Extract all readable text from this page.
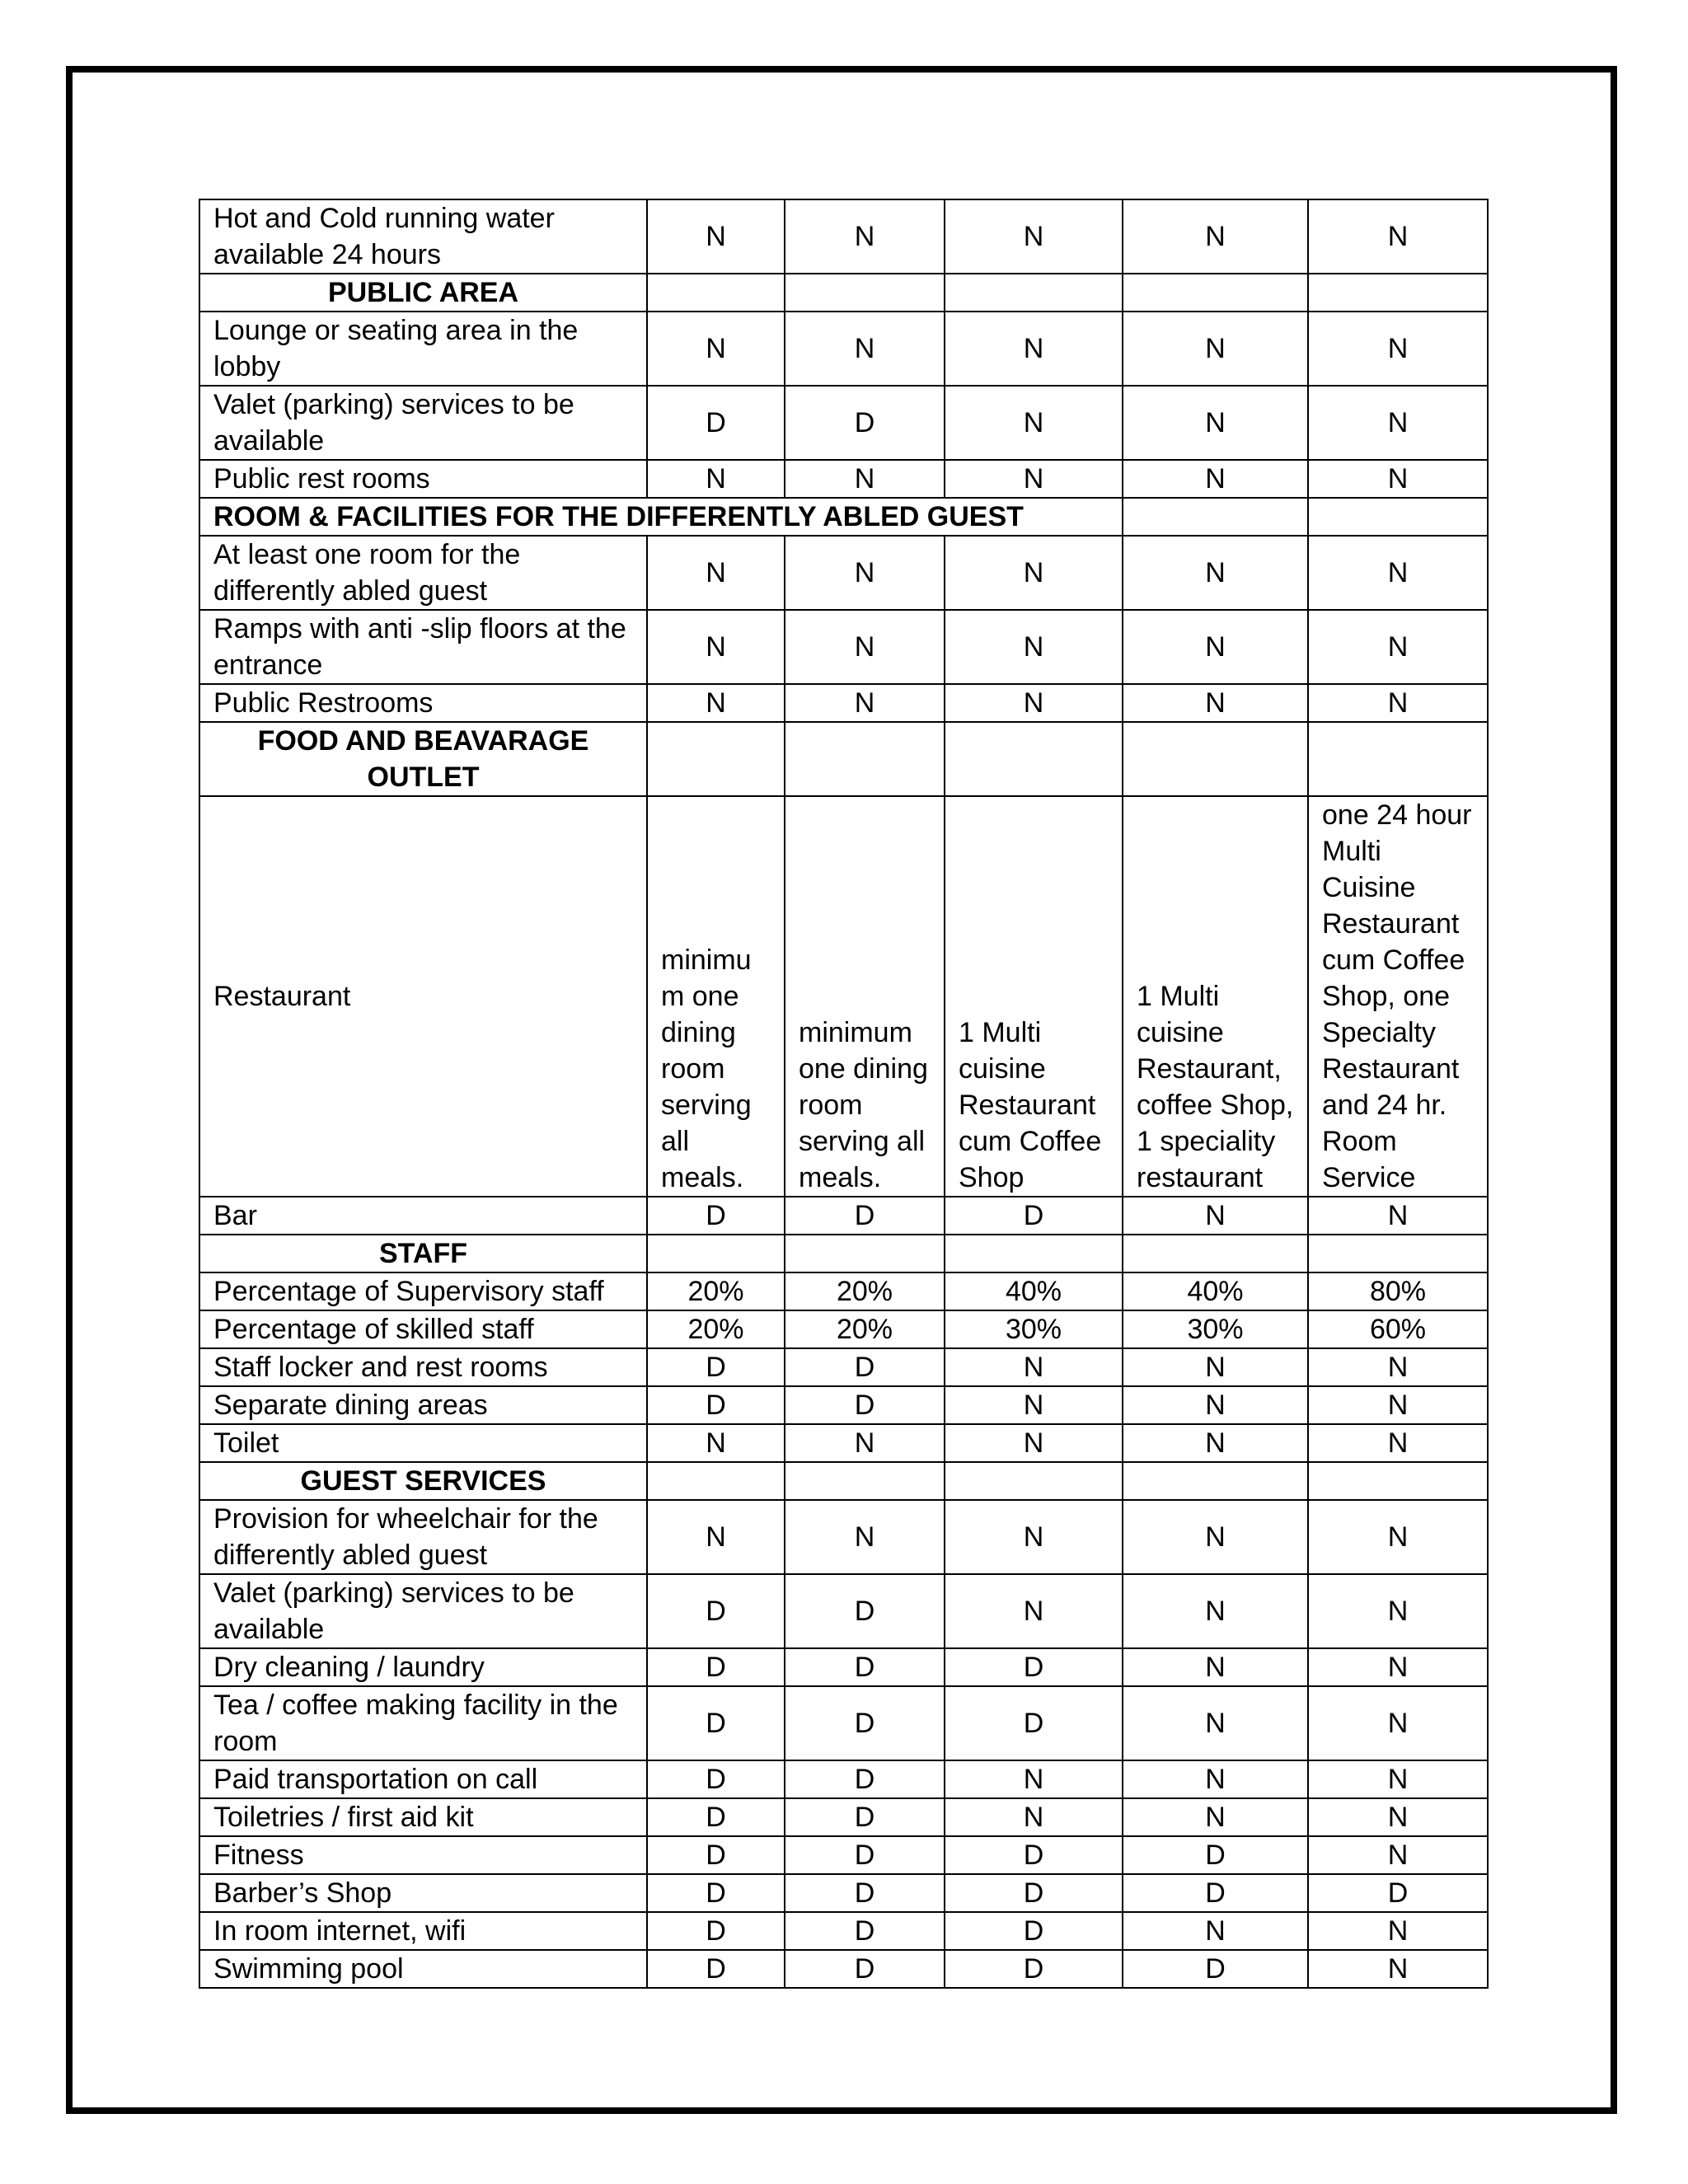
Hot and Cold running water available 24 hours	N	N	N	N	N
PUBLIC AREA					
Lounge or seating area in the lobby	N	N	N	N	N
Valet (parking) services to be available	D	D	N	N	N
Public rest rooms	N	N	N	N	N
ROOM & FACILITIES FOR THE DIFFERENTLY ABLED GUEST					
At least one room for the differently abled guest	N	N	N	N	N
Ramps with anti -slip floors at the entrance	N	N	N	N	N
Public Restrooms	N	N	N	N	N
FOOD AND BEAVARAGE OUTLET					
Restaurant	minimu m one dining room serving all meals.	minimum one dining room serving all meals.	1 Multi cuisine Restaurant cum Coffee Shop	1 Multi cuisine Restaurant, coffee Shop, 1 speciality restaurant	one 24 hour Multi Cuisine Restaurant cum Coffee Shop, one Specialty Restaurant and 24 hr. Room Service
Bar	D	D	D	N	N
STAFF					
Percentage of Supervisory staff	20%	20%	40%	40%	80%
Percentage of skilled staff	20%	20%	30%	30%	60%
Staff locker and rest rooms	D	D	N	N	N
Separate dining areas	D	D	N	N	N
Toilet	N	N	N	N	N
GUEST SERVICES					
Provision for wheelchair for the differently abled guest	N	N	N	N	N
Valet (parking) services to be available	D	D	N	N	N
Dry cleaning / laundry	D	D	D	N	N
Tea / coffee making facility in the room	D	D	D	N	N
Paid transportation on call	D	D	N	N	N
Toiletries / first aid kit	D	D	N	N	N
Fitness	D	D	D	D	N
Barber’s Shop	D	D	D	D	D
In room internet, wifi	D	D	D	N	N
Swimming pool	D	D	D	D	N
